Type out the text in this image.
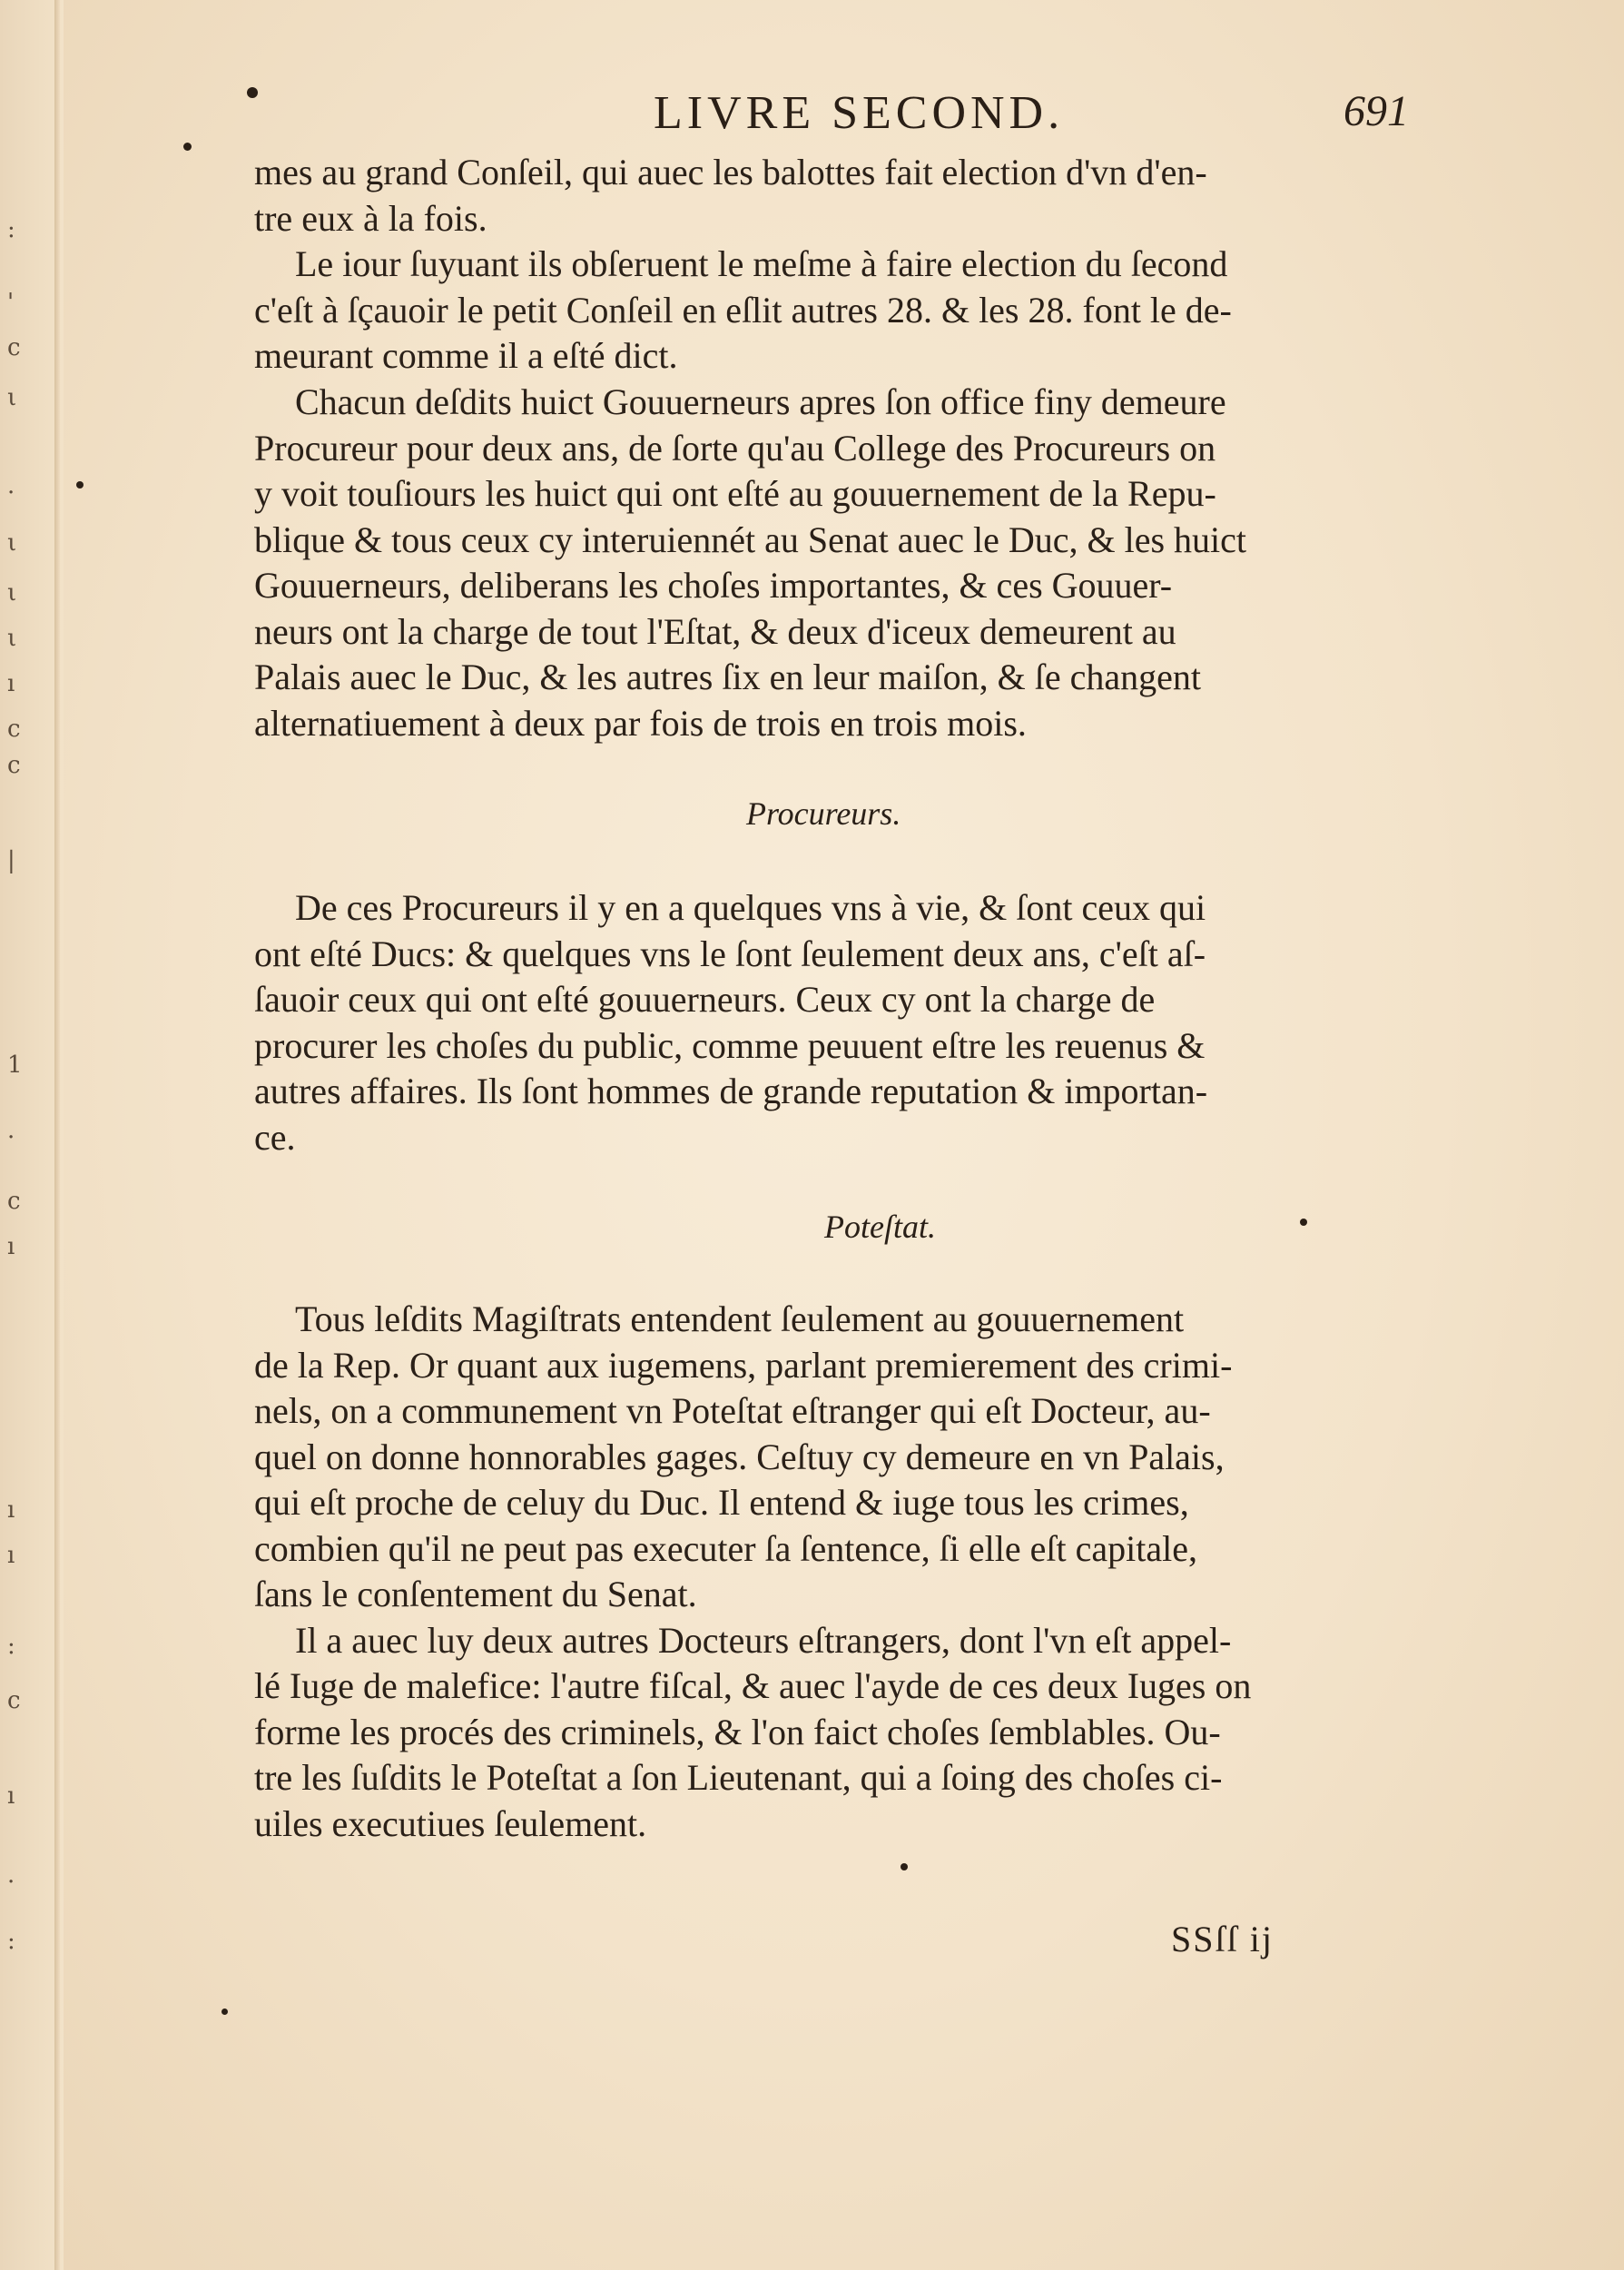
:
'
c
ι
·
ι
ι
ι
ı
c
c
|
1
·
c
ı
ı
ı
:
c
ı
·
:
LIVRE SECOND.	691
mes au grand Conſeil, qui auec les balottes fait election d'vn d'en-
tre eux à la fois.
Le iour ſuyuant ils obſeruent le meſme à faire election du ſecond
c'eſt à ſçauoir le petit Conſeil en eſlit autres 28. & les 28. font le de-
meurant comme il a eſté dict.
Chacun deſdits huict Gouuerneurs apres ſon office finy demeure
Procureur pour deux ans, de ſorte qu'au College des Procureurs on
y voit touſiours les huict qui ont eſté au gouuernement de la Repu-
blique & tous ceux cy interuiennét au Senat auec le Duc, & les huict
Gouuerneurs, deliberans les choſes importantes, & ces Gouuer-
neurs ont la charge de tout l'Eſtat, & deux d'iceux demeurent au
Palais auec le Duc, & les autres ſix en leur maiſon, & ſe changent
alternatiuement à deux par fois de trois en trois mois.
Procureurs.
De ces Procureurs il y en a quelques vns à vie, & ſont ceux qui
ont eſté Ducs: & quelques vns le ſont ſeulement deux ans, c'eſt aſ-
ſauoir ceux qui ont eſté gouuerneurs. Ceux cy ont la charge de
procurer les choſes du public, comme peuuent eſtre les reuenus &
autres affaires. Ils ſont hommes de grande reputation & importan-
ce.
Poteſtat.
Tous leſdits Magiſtrats entendent ſeulement au gouuernement
de la Rep. Or quant aux iugemens, parlant premierement des crimi-
nels, on a communement vn Poteſtat eſtranger qui eſt Docteur, au-
quel on donne honnorables gages. Ceſtuy cy demeure en vn Palais,
qui eſt proche de celuy du Duc. Il entend & iuge tous les crimes,
combien qu'il ne peut pas executer ſa ſentence, ſi elle eſt capitale,
ſans le conſentement du Senat.
Il a auec luy deux autres Docteurs eſtrangers, dont l'vn eſt appel-
lé Iuge de malefice: l'autre fiſcal, & auec l'ayde de ces deux Iuges on
forme les procés des criminels, & l'on faict choſes ſemblables. Ou-
tre les ſuſdits le Poteſtat a ſon Lieutenant, qui a ſoing des choſes ci-
uiles executiues ſeulement.
SSſſ ij
